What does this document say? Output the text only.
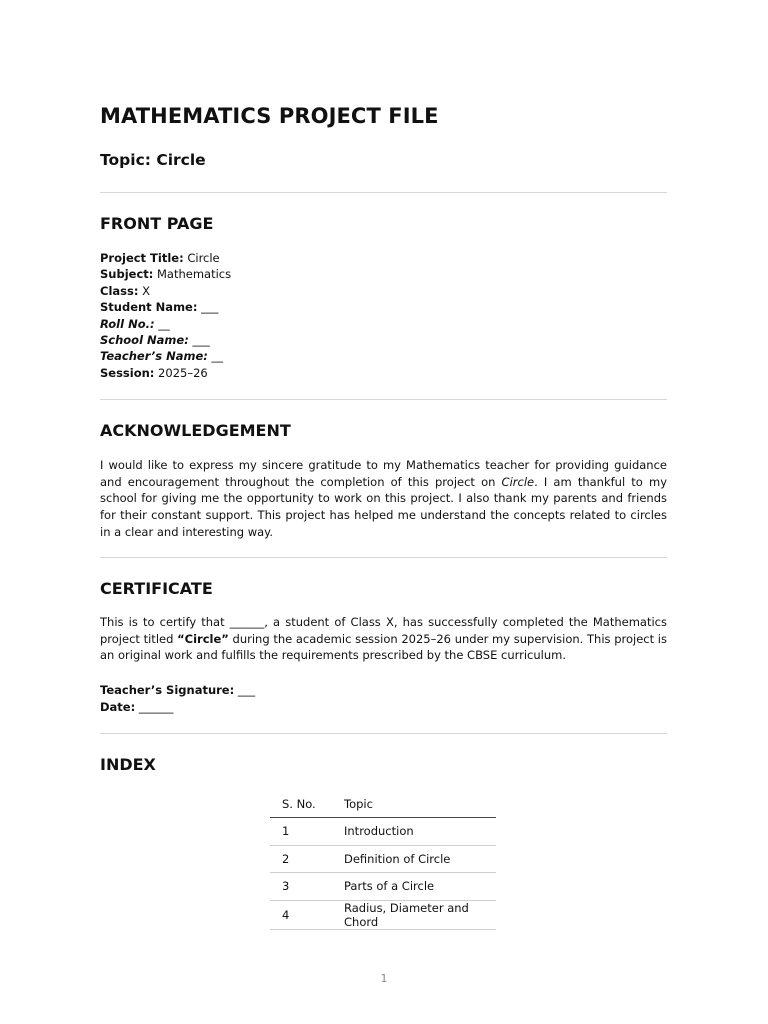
MATHEMATICS PROJECT FILE
Topic: Circle
FRONT PAGE
Project Title: Circle
Subject: Mathematics
Class: X
Student Name: ___
Roll No.: __
School Name: ___
Teacher’s Name: __
Session: 2025–26
ACKNOWLEDGEMENT

I would like to express my sincere gratitude to my Mathematics teacher for providing guidance and encouragement throughout the completion of this project on Circle. I am thankful to my school for giving me the opportunity to work on this project. I also thank my parents and friends for their constant support. This project has helped me understand the concepts related to circles in a clear and interesting way.

CERTIFICATE

This is to certify that ______, a student of Class X, has successfully completed the Mathematics project titled “Circle” during the academic session 2025–26 under my supervision. This project is an original work and fulfills the requirements prescribed by the CBSE curriculum.

Teacher’s Signature: ___
Date: ______
INDEX
S. No.	Topic
1	Introduction
2	Definition of Circle
3	Parts of a Circle
4	Radius, Diameter and Chord
1
